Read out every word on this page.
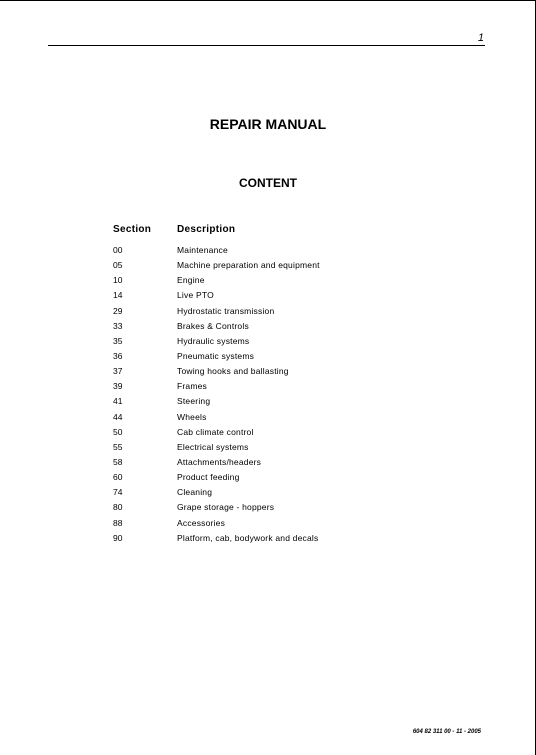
1
REPAIR MANUAL
CONTENT
Section	Description
00	Maintenance
05	Machine preparation and equipment
10	Engine
14	Live PTO
29	Hydrostatic transmission
33	Brakes & Controls
35	Hydraulic systems
36	Pneumatic systems
37	Towing hooks and ballasting
39	Frames
41	Steering
44	Wheels
50	Cab climate control
55	Electrical systems
58	Attachments/headers
60	Product feeding
74	Cleaning
80	Grape storage - hoppers
88	Accessories
90	Platform, cab, bodywork and decals
604 82 311 00 - 11 - 2005
